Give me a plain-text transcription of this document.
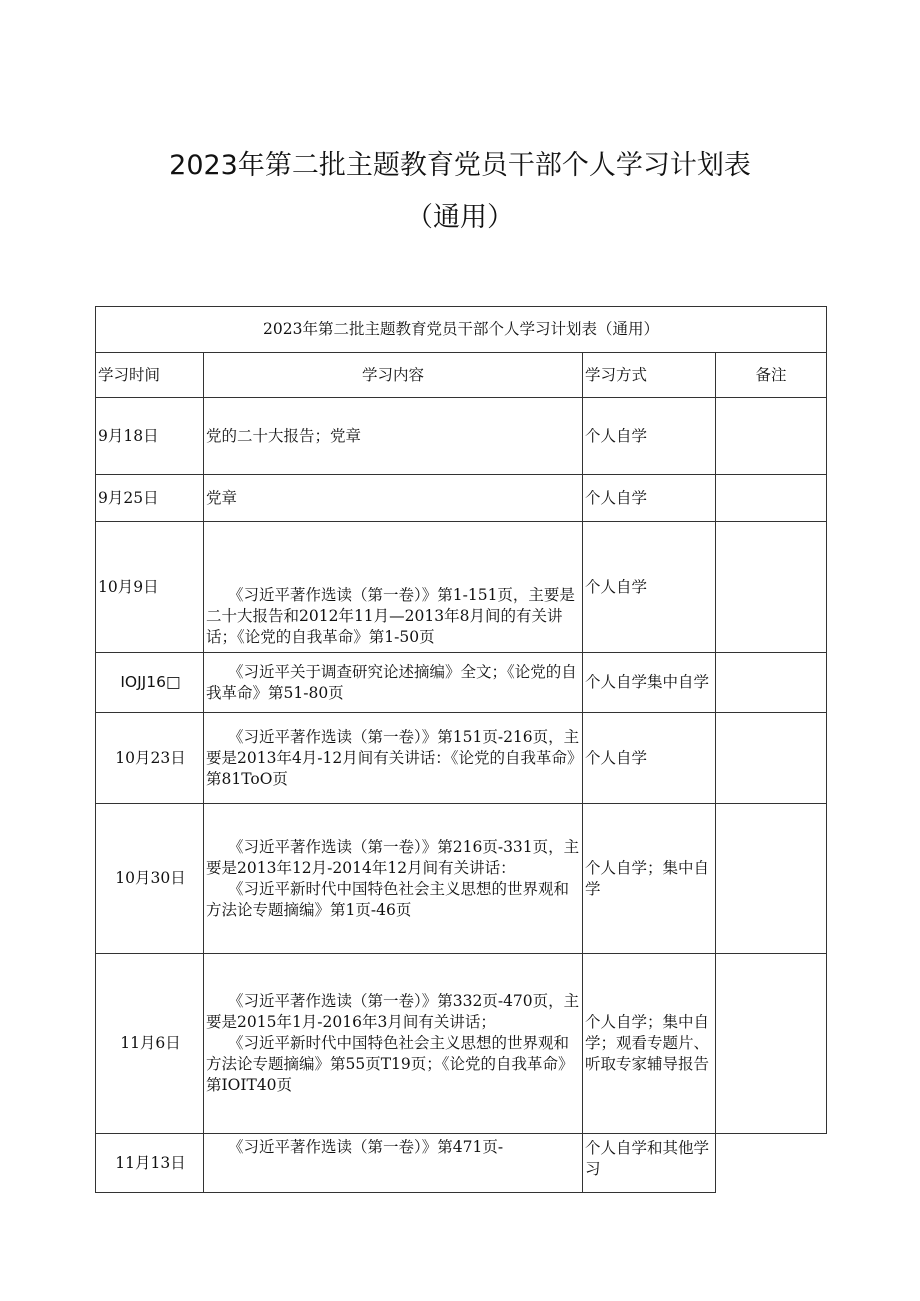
2023年第二批主题教育党员干部个人学习计划表
（通用）
2023年第二批主题教育党员干部个人学习计划表（通用）			
学习时间	学习内容	学习方式	备注
9月18日	党的二十大报告；党章	个人自学	
9月25日	党章	个人自学	
10月9日	《习近平著作选读（第一卷）》第1-151页，主要是二十大报告和2012年11月—2013年8月间的有关讲话；《论党的自我革命》第1-50页	个人自学	
IOJJ16□	《习近平关于调查研究论述摘编》全文；《论党的自我革命》第51-80页	个人自学集中自学	
10月23日	《习近平著作选读（第一卷）》第151页-216页，主要是2013年4月-12月间有关讲话：《论党的自我革命》第81ToO页	个人自学	
10月30日	《习近平著作选读（第一卷）》第216页-331页，主要是2013年12月-2014年12月间有关讲话：
《习近平新时代中国特色社会主义思想的世界观和方法论专题摘编》第1页-46页	个人自学；集中自学	
11月6日	《习近平著作选读（第一卷）》第332页-470页，主要是2015年1月-2016年3月间有关讲话；
《习近平新时代中国特色社会主义思想的世界观和方法论专题摘编》第55页T19页；《论党的自我革命》第IOIT40页	个人自学；集中自学；观看专题片、听取专家辅导报告	
11月13日	《习近平著作选读（第一卷）》第471页-	个人自学和其他学习	
